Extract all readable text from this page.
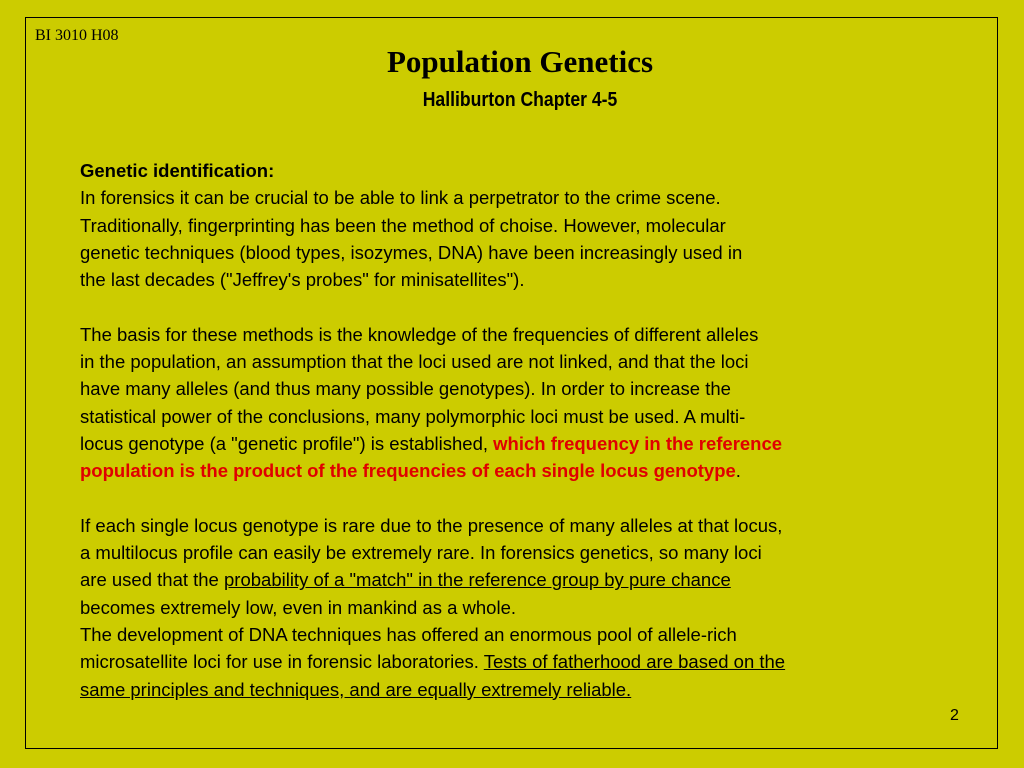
BI 3010 H08
Population Genetics
Halliburton Chapter 4-5
Genetic identification:
In forensics it can be crucial to be able to link a perpetrator to the crime scene.
Traditionally, fingerprinting has been the method of choise. However, molecular
genetic techniques (blood types, isozymes, DNA) have been increasingly used in
the last decades ("Jeffrey's probes" for minisatellites").
The basis for these methods is the knowledge of the frequencies of different alleles
in the population, an assumption that the loci used are not linked, and that the loci
have many alleles (and thus many possible genotypes). In order to increase the
statistical power of the conclusions, many polymorphic loci must be used. A multi-
locus genotype (a "genetic profile") is established, which frequency in the reference
population is the product of the frequencies of each single locus genotype.
If each single locus genotype is rare due to the presence of many alleles at that locus,
a multilocus profile can easily be extremely rare. In forensics genetics, so many loci
are used that the probability of a "match" in the reference group by pure chance
becomes extremely low, even in mankind as a whole.
The development of DNA techniques has offered an enormous pool of allele-rich
microsatellite loci for use in forensic laboratories. Tests of fatherhood are based on the
same principles and techniques, and are equally extremely reliable.
2
